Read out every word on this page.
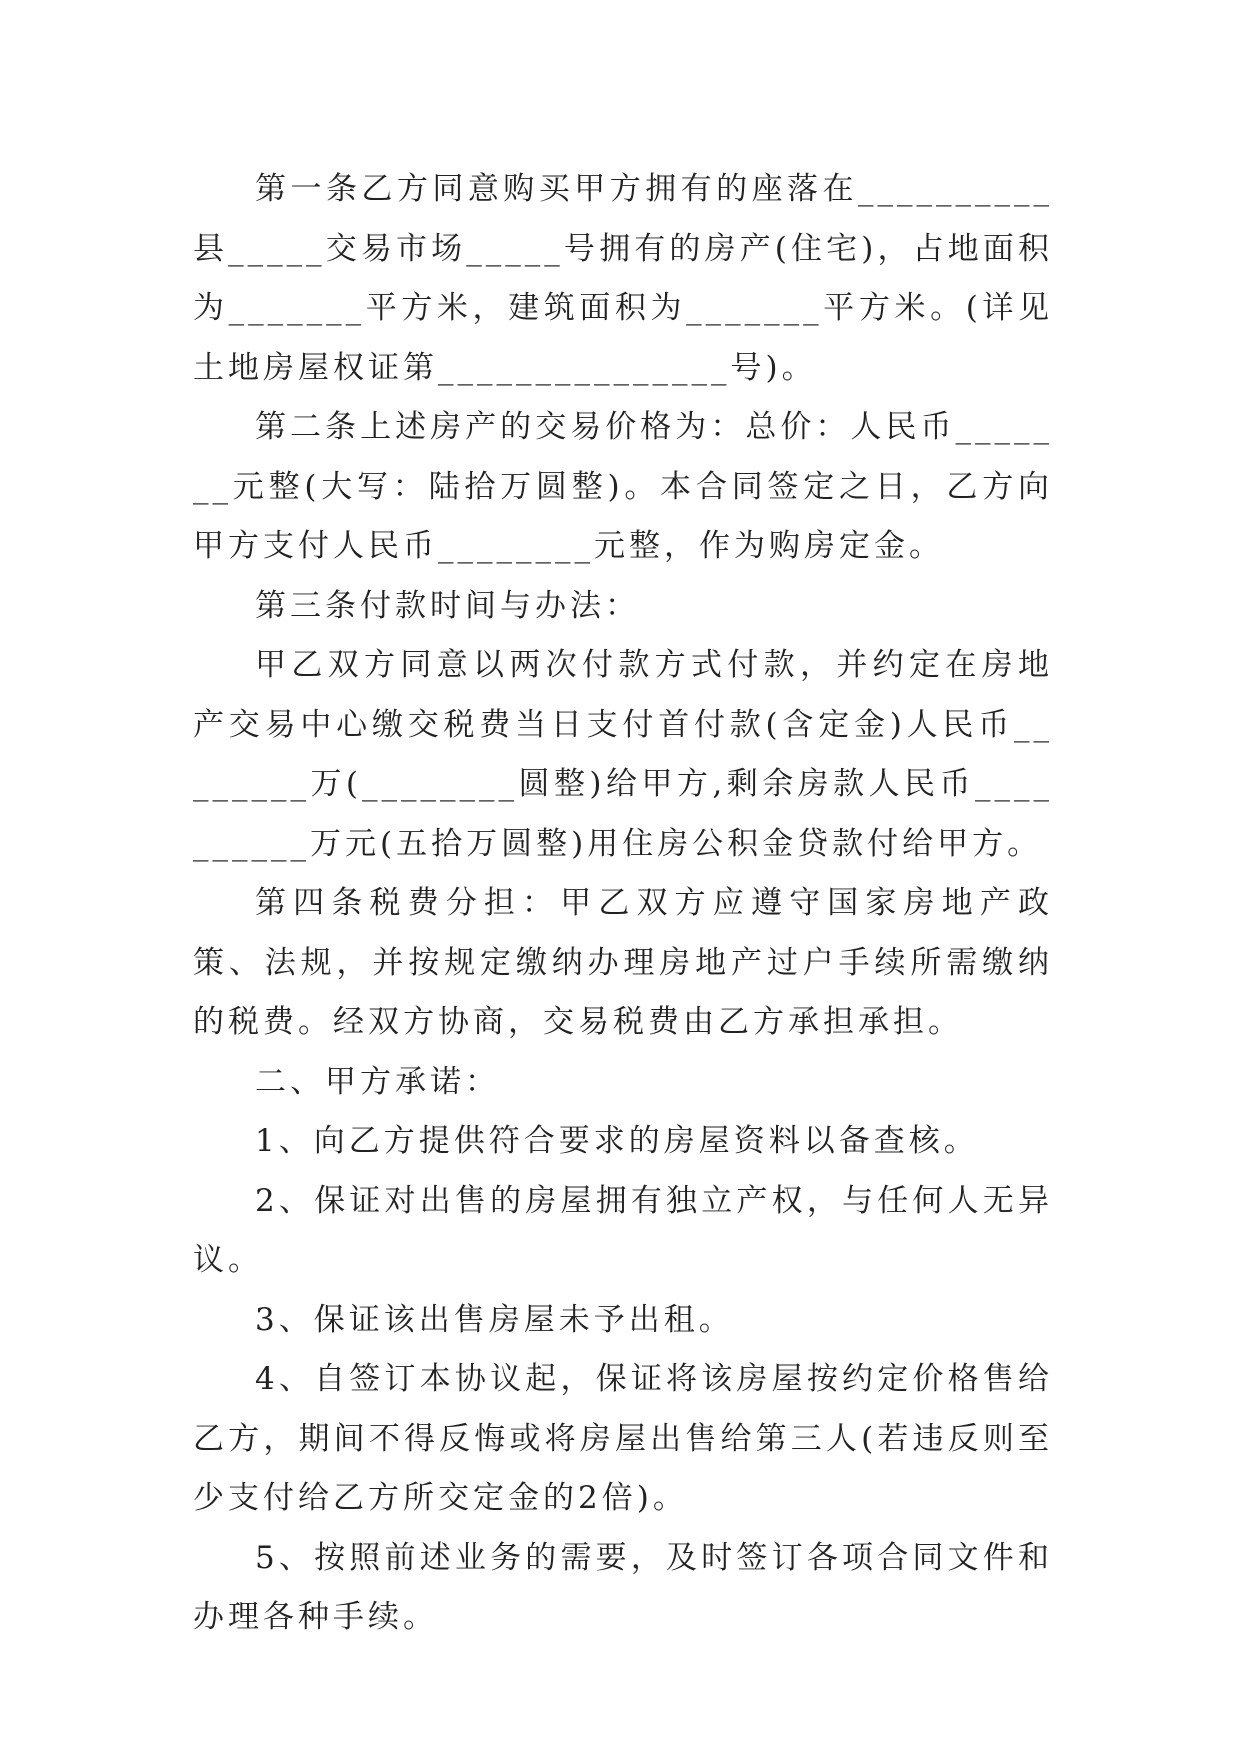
第一条乙方同意购买甲方拥有的座落在__________县_____交易市场_____号拥有的房产(住宅)，占地面积为_______平方米，建筑面积为_______平方米。(详见土地房屋权证第_______________号)。

第二条上述房产的交易价格为：总价：人民币_______元整(大写：陆拾万圆整)。本合同签定之日，乙方向甲方支付人民币________元整，作为购房定金。

第三条付款时间与办法：

甲乙双方同意以两次付款方式付款，并约定在房地产交易中心缴交税费当日支付首付款(含定金)人民币________万(________圆整)给甲方,剩余房款人民币__________万元(五拾万圆整)用住房公积金贷款付给甲方。

第四条税费分担：甲乙双方应遵守国家房地产政策、法规，并按规定缴纳办理房地产过户手续所需缴纳的税费。经双方协商，交易税费由乙方承担承担。

二、甲方承诺：

1、向乙方提供符合要求的房屋资料以备查核。

2、保证对出售的房屋拥有独立产权，与任何人无异议。

3、保证该出售房屋未予出租。

4、自签订本协议起，保证将该房屋按约定价格售给乙方，期间不得反悔或将房屋出售给第三人(若违反则至少支付给乙方所交定金的2倍)。

5、按照前述业务的需要，及时签订各项合同文件和办理各种手续。
